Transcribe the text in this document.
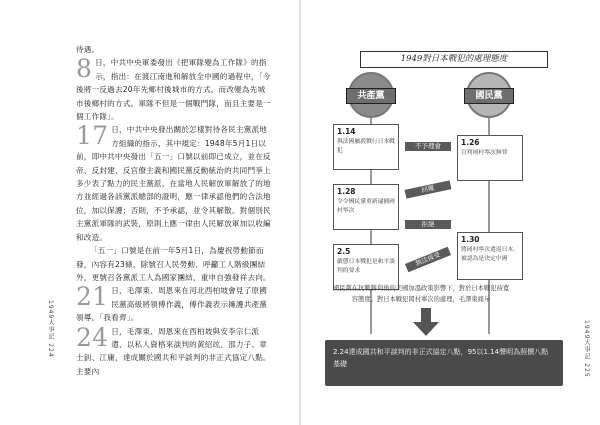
待遇。

8 日，中共中央軍委發出《把軍隊變為工作隊》的指示，指出：在渡江南進和解放全中國的過程中，「今後將一反過去20年先鄉村後城市的方式，而改變為先城市後鄉村的方式。軍隊不但是一個戰鬥隊，而且主要是一個工作隊」。

17 日，中共中央發出關於怎樣對待各民主黨派地方組織的指示，其中規定：1948年5月1日以前，即中共中央發出「五一」口號以前即已成立，並在反帝、反封建、反官僚主義和國民黨反動統治的共同鬥爭上多少表了點力的民主黨派，在當地人民解放軍解放了的地方並經過各該黨派總部的證明，應一律承認他們的合法地位，加以保護；否則，不予承認，並令其解散。對個別民主黨派軍隊的武裝，原則上應一律由人民解放軍加以收編和改造。

「五一」口號是在前一年5月1日，為慶祝勞動節而發，內容有23條，除號召人民勞動、呼籲工人階級團結外，更號召各黨派工人為國家團結，重申自強發祥去向。

21 日，毛澤東、周恩來在河北西柏坡會見了原國民黨高級將領傅作義，傅作義表示擁護共產黨領導，「我看齊」。

24 日，毛澤東、周恩來在西柏坡與安李宗仁派遣、以私人資格來談判的黃紹竑、邵力子、章士釗、江庸，達成關於國共和平談判的非正式協定八點。主要內

1949大事記 224
1949對日本戰犯的處理態度
共產黨	國民黨
1.14
與法國屬殺戮行日本戰犯
1.28
令令國民黨重新逮捕岡村寧次
2.5
嚴懲日本戰犯是和平談判的要求
1.26
宣判岡村寧次無罪
1.30
將岡村寧次遣返日本，被認為是決定中國
不予理會
回覆
拒絕
無法接受
國民黨在抗戰勝利後的美國加溫政策影響下，對於日本戰犯持寬容態度。對日本戰犯岡村寧次的處理，毛澤東痛斥
2.24達成國共和平談判的非正式協定八點，95以1.14聲明為照價八點基礎
1949大事記 225
